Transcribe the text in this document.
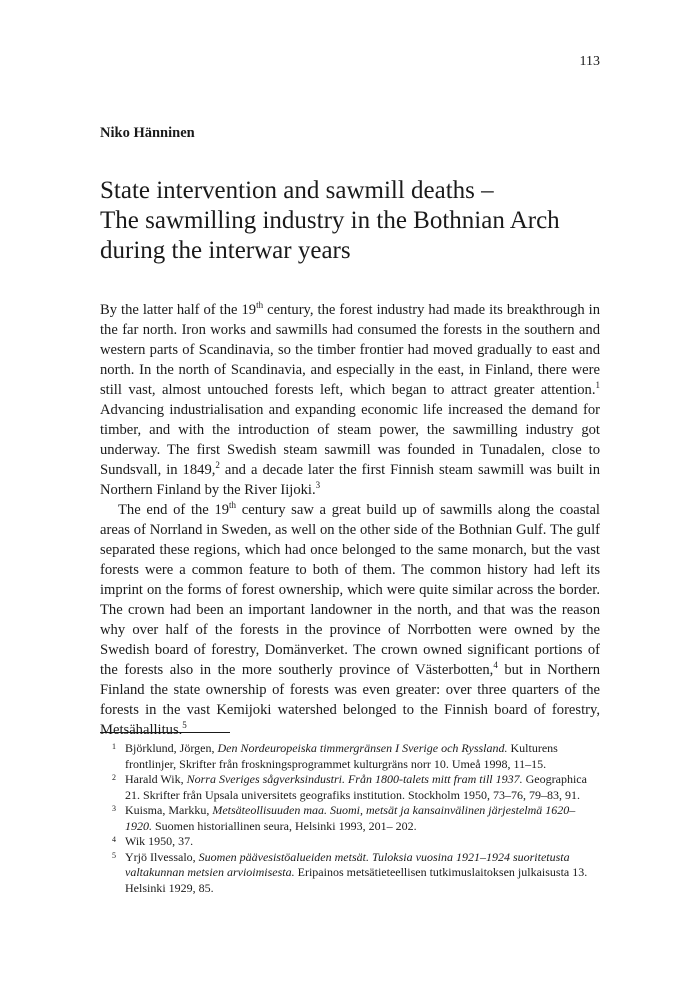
113
Niko Hänninen
State intervention and sawmill deaths –
The sawmilling industry in the Bothnian Arch
during the interwar years

By the latter half of the 19th century, the forest industry had made its breakthrough in the far north. Iron works and sawmills had consumed the forests in the southern and western parts of Scandinavia, so the timber frontier had moved gradually to east and north. In the north of Scandinavia, and especially in the east, in Finland, there were still vast, almost untouched forests left, which began to attract greater attention.$^1$ Advancing industrialisation and expanding economic life increased the demand for timber, and with the introduction of steam power, the sawmilling industry got underway. The first Swedish steam sawmill was founded in Tunadalen, close to Sundsvall, in 1849,$^2$ and a decade later the first Finnish steam sawmill was built in Northern Finland by the River Iijoki.$^3$

The end of the 19th century saw a great build up of sawmills along the coastal areas of Norrland in Sweden, as well on the other side of the Bothnian Gulf. The gulf separated these regions, which had once belonged to the same monarch, but the vast forests were a common feature to both of them. The common history had left its imprint on the forms of forest ownership, which were quite similar across the border. The crown had been an important landowner in the north, and that was the reason why over half of the forests in the province of Norrbotten were owned by the Swedish board of forestry, Domänverket. The crown owned significant portions of the forests also in the more southerly province of Västerbotten,$^4$ but in Northern Finland the state ownership of forests was even greater: over three quarters of the forests in the vast Kemijoki watershed belonged to the Finnish board of forestry, Metsähallitus.$^5$

1 Björklund, Jörgen, Den Nordeuropeiska timmergränsen I Sverige och Ryssland. Kulturens frontlinjer, Skrifter från froskningsprogrammet kulturgräns norr 10. Umeå 1998, 11–15.
2 Harald Wik, Norra Sveriges sågverksindustri. Från 1800-talets mitt fram till 1937. Geographica 21. Skrifter från Upsala universitets geografiks institution. Stockholm 1950, 73–76, 79–83, 91.
3 Kuisma, Markku, Metsäteollisuuden maa. Suomi, metsät ja kansainvälinen järjestelmä 1620–1920. Suomen historiallinen seura, Helsinki 1993, 201– 202.
4 Wik 1950, 37.
5 Yrjö Ilvessalo, Suomen päävesistöalueiden metsät. Tuloksia vuosina 1921–1924 suoritetusta valtakunnan metsien arvioimisesta. Eripainos metsätieteellisen tutkimuslaitoksen julkaisusta 13. Helsinki 1929, 85.
